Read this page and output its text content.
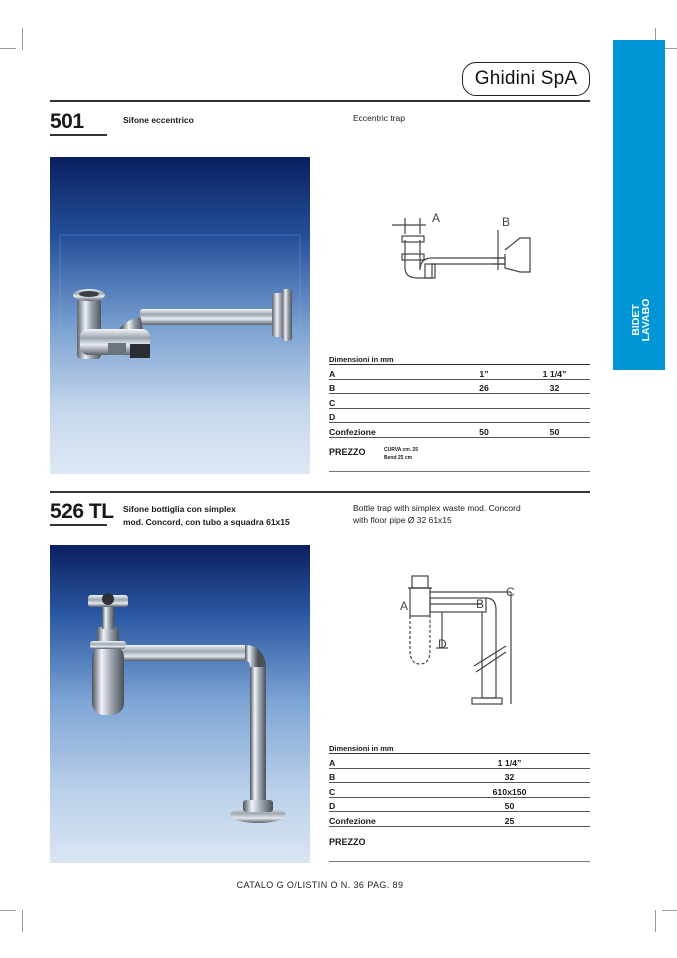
BIDET
LAVABO
Ghidini SpA
501	Sifone eccentrico	Eccentric trap
A	B
Dimensioni in mm		
A	1”	1 1/4”
B	26	32
C		
D		
Confezione	50	50
PREZZO	CURVA cm. 25
Bend 25 cm
526 TL Sifone bottiglia con simplex
mod. Concord, con tubo a squadra 61x15
Bottle trap with simplex waste mod. Concord
with floor pipe Ø 32 61x15
A	B
C
D
Dimensioni in mm	
A	1 1/4”
B	32
C	610x150
D	50
Confezione	25
PREZZO
CATALO G O/LISTIN O N. 36 PAG. 89
